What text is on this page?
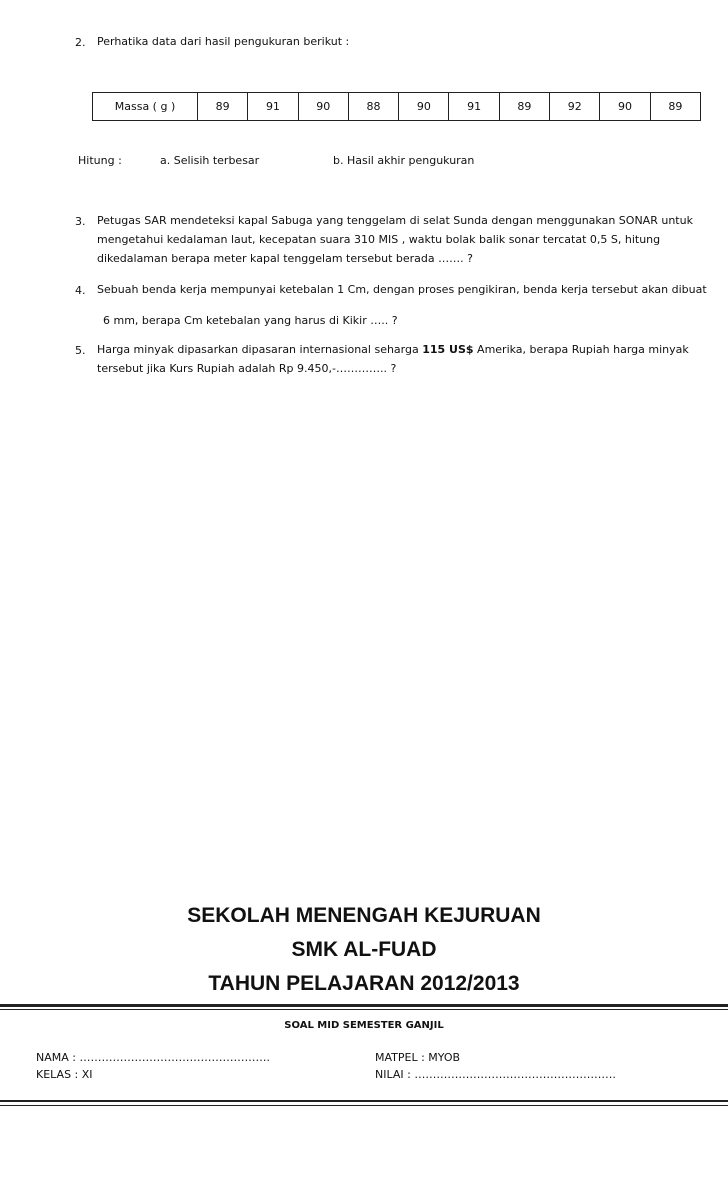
2. Perhatika data dari hasil pengukuran berikut :
Massa ( g )	89	91	90	88	90	91	89	92	90	89
Hitung :	a. Selisih terbesar	b. Hasil akhir pengukuran
3. Petugas SAR mendeteksi kapal Sabuga yang tenggelam di selat Sunda dengan menggunakan SONAR untuk
mengetahui kedalaman laut, kecepatan suara 310 MIS , waktu bolak balik sonar tercatat 0,5 S, hitung
dikedalaman berapa meter kapal tenggelam tersebut berada ……. ?
4. Sebuah benda kerja mempunyai ketebalan 1 Cm, dengan proses pengikiran, benda kerja tersebut akan dibuat
6 mm, berapa Cm ketebalan yang harus di Kikir ….. ?
5. Harga minyak dipasarkan dipasaran internasional seharga 115 US$ Amerika, berapa Rupiah harga minyak
tersebut jika Kurs Rupiah adalah Rp 9.450,-………….. ?
SEKOLAH MENENGAH KEJURUAN
SMK AL-FUAD
TAHUN PELAJARAN 2012/2013
SOAL MID SEMESTER GANJIL
NAMA : …………………………………………….
KELAS : XI
MATPEL : MYOB
NILAI : ……………………………………………….
